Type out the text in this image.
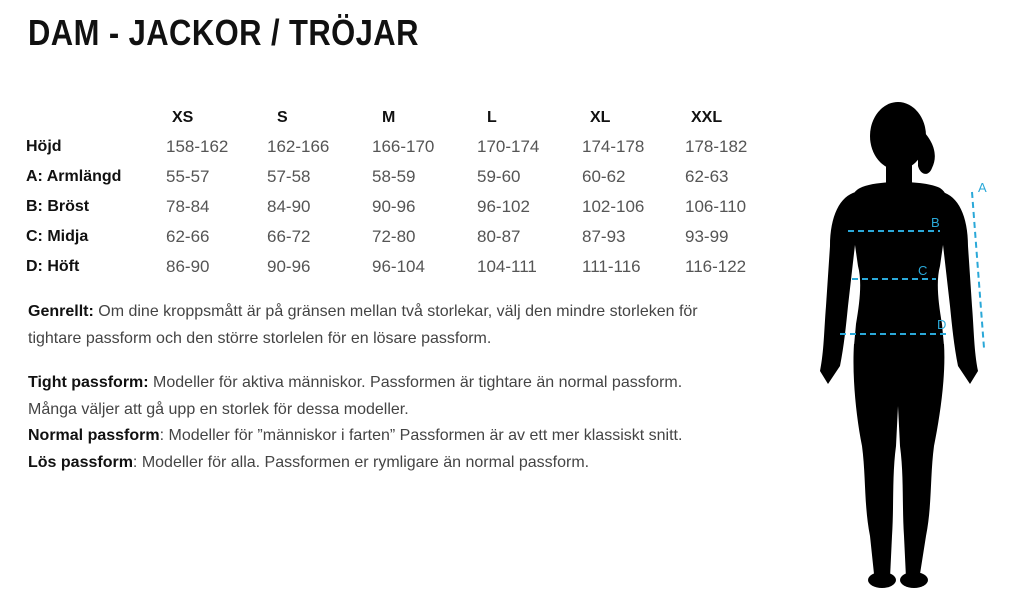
DAM - JACKOR / TRÖJAR
	XS	S	M	L	XL	XXL
Höjd	158-162	162-166	166-170	170-174	174-178	178-182
A: Armlängd	55-57	57-58	58-59	59-60	60-62	62-63
B: Bröst	78-84	84-90	90-96	96-102	102-106	106-110
C: Midja	62-66	66-72	72-80	80-87	87-93	93-99
D: Höft	86-90	90-96	96-104	104-111	111-116	116-122
Genrellt: Om dine kroppsmått är på gränsen mellan två storlekar, välj den mindre storleken för tightare passform och den större storlelen för en lösare passform.
Tight passform: Modeller för aktiva människor. Passformen är tightare än normal passform. Många väljer att gå upp en storlek för dessa modeller.
Normal passform: Modeller för ”människor i farten” Passformen är av ett mer klassiskt snitt.
Lös passform: Modeller för alla. Passformen er rymligare än normal passform.
A
B
C
D
